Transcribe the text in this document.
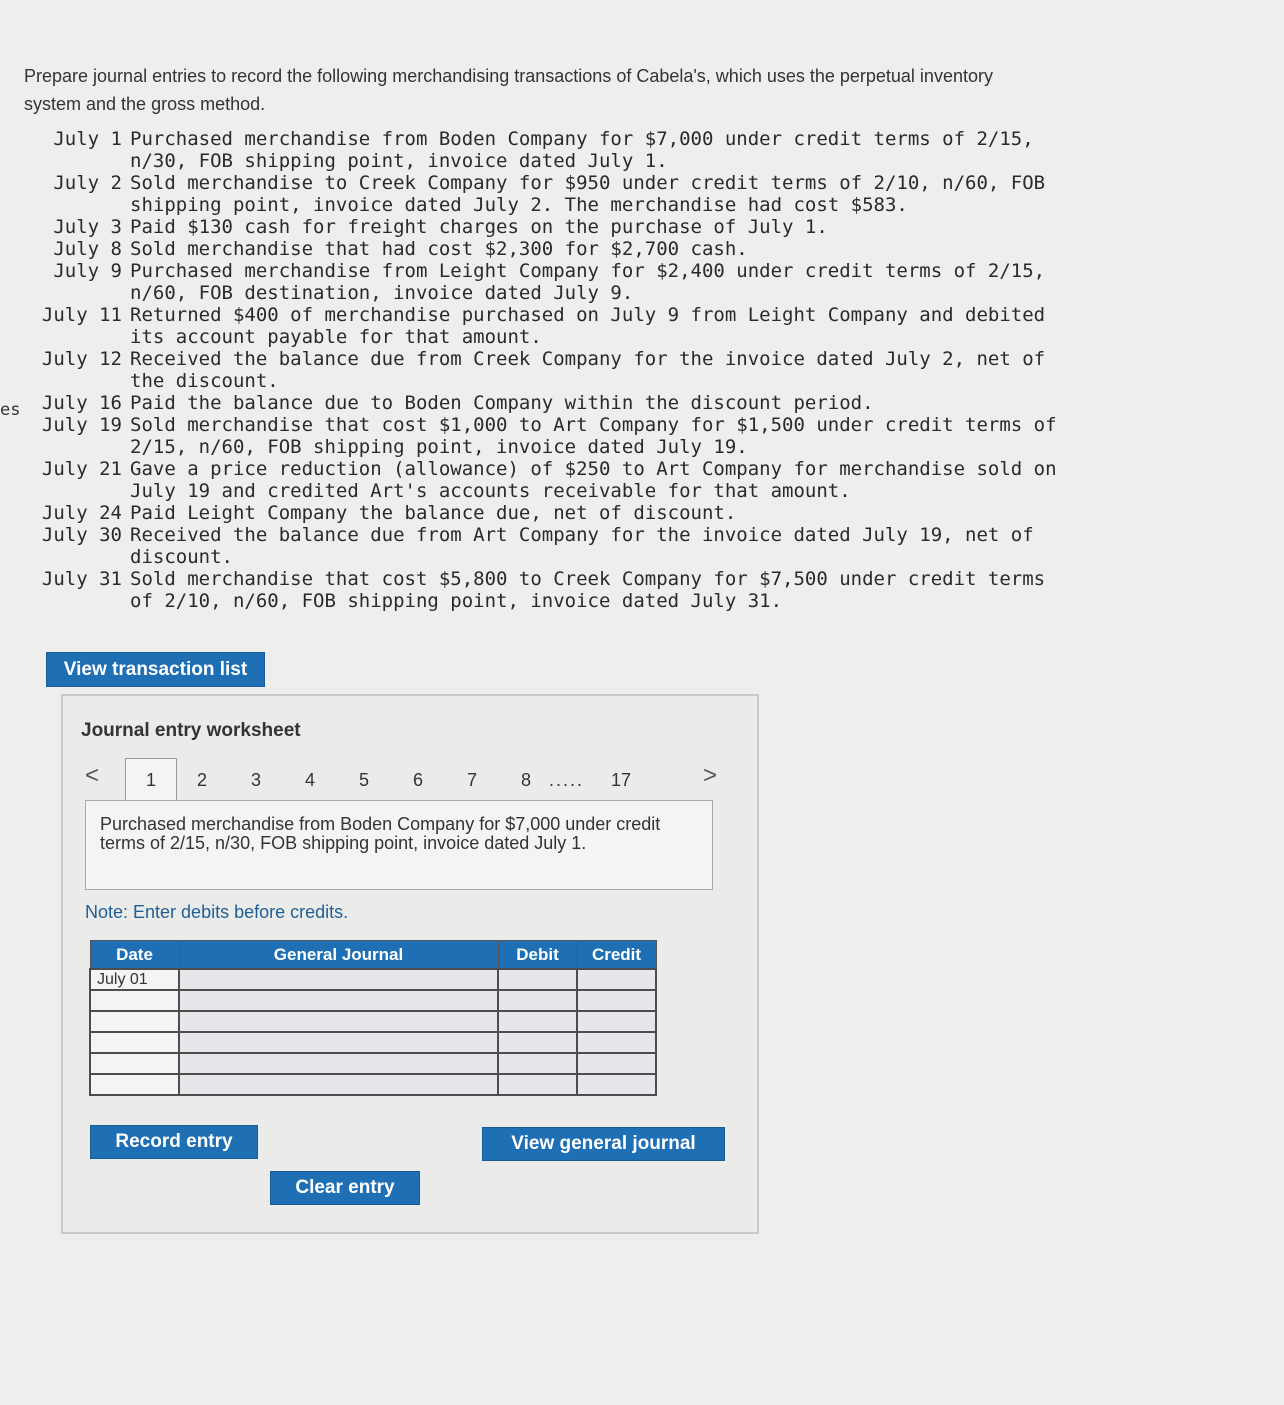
Prepare journal entries to record the following merchandising transactions of Cabela's, which uses the perpetual inventory system and the gross method.
es
July 1 Purchased merchandise from Boden Company for $7,000 under credit terms of 2/15, n/30, FOB shipping point, invoice dated July 1.
July 2 Sold merchandise to Creek Company for $950 under credit terms of 2/10, n/60, FOB shipping point, invoice dated July 2. The merchandise had cost $583.
July 3 Paid $130 cash for freight charges on the purchase of July 1.
July 8 Sold merchandise that had cost $2,300 for $2,700 cash.
July 9 Purchased merchandise from Leight Company for $2,400 under credit terms of 2/15, n/60, FOB destination, invoice dated July 9.
July 11 Returned $400 of merchandise purchased on July 9 from Leight Company and debited its account payable for that amount.
July 12 Received the balance due from Creek Company for the invoice dated July 2, net of the discount.
July 16 Paid the balance due to Boden Company within the discount period.
July 19 Sold merchandise that cost $1,000 to Art Company for $1,500 under credit terms of 2/15, n/60, FOB shipping point, invoice dated July 19.
July 21 Gave a price reduction (allowance) of $250 to Art Company for merchandise sold on July 19 and credited Art's accounts receivable for that amount.
July 24 Paid Leight Company the balance due, net of discount.
July 30 Received the balance due from Art Company for the invoice dated July 19, net of discount.
July 31 Sold merchandise that cost $5,800 to Creek Company for $7,500 under credit terms of 2/10, n/60, FOB shipping point, invoice dated July 31.
View transaction list
Journal entry worksheet
<	1	2 3 4 5 6 7 8 ..... 17	>
Purchased merchandise from Boden Company for $7,000 under credit terms of 2/15, n/30, FOB shipping point, invoice dated July 1.
Note: Enter debits before credits.
Date	General Journal	Debit	Credit
July 01			

Record entry	View general journal
Clear entry
